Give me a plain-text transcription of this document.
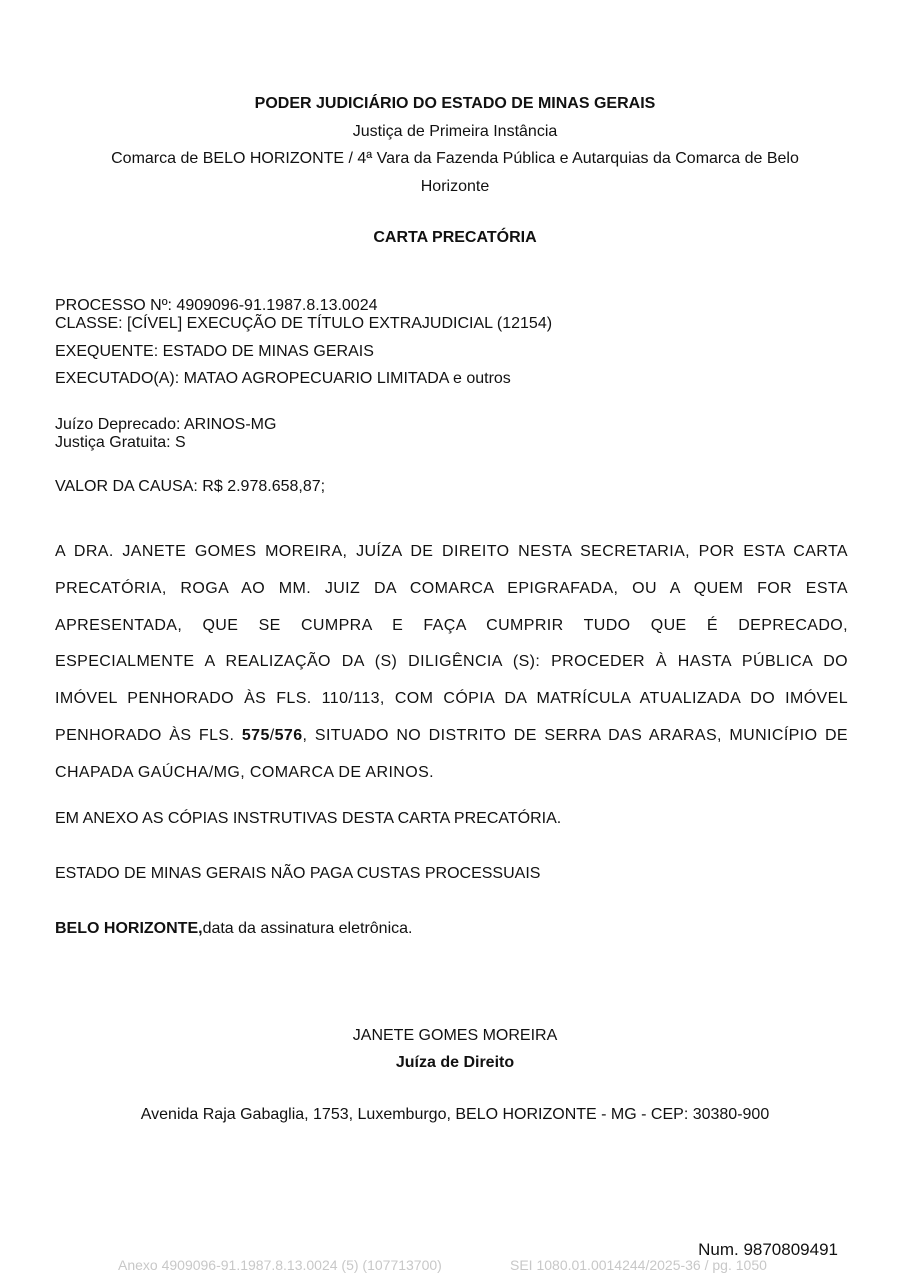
PODER JUDICIÁRIO DO ESTADO DE MINAS GERAIS
Justiça de Primeira Instância
Comarca de BELO HORIZONTE / 4ª Vara da Fazenda Pública e Autarquias da Comarca de Belo
Horizonte
CARTA PRECATÓRIA
PROCESSO Nº: 4909096-91.1987.8.13.0024
CLASSE: [CÍVEL] EXECUÇÃO DE TÍTULO EXTRAJUDICIAL (12154)
EXEQUENTE: ESTADO DE MINAS GERAIS
EXECUTADO(A): MATAO AGROPECUARIO LIMITADA e outros
Juízo Deprecado: ARINOS-MG
Justiça Gratuita: S
VALOR DA CAUSA: R$ 2.978.658,87;
A DRA. JANETE GOMES MOREIRA, JUÍZA DE DIREITO NESTA SECRETARIA, POR ESTA CARTA
PRECATÓRIA, ROGA AO MM. JUIZ DA COMARCA EPIGRAFADA, OU A QUEM FOR ESTA
APRESENTADA, QUE SE CUMPRA E FAÇA CUMPRIR TUDO QUE É DEPRECADO,
ESPECIALMENTE A REALIZAÇÃO DA (S) DILIGÊNCIA (S): PROCEDER À HASTA PÚBLICA DO
IMÓVEL PENHORADO ÀS FLS. 110/113, COM CÓPIA DA MATRÍCULA ATUALIZADA DO IMÓVEL
PENHORADO ÀS FLS. 575/576, SITUADO NO DISTRITO DE SERRA DAS ARARAS, MUNICÍPIO DE
CHAPADA GAÚCHA/MG, COMARCA DE ARINOS.
EM ANEXO AS CÓPIAS INSTRUTIVAS DESTA CARTA PRECATÓRIA.
ESTADO DE MINAS GERAIS NÃO PAGA CUSTAS PROCESSUAIS
BELO HORIZONTE,data da assinatura eletrônica.
JANETE GOMES MOREIRA
Juíza de Direito
Avenida Raja Gabaglia, 1753, Luxemburgo, BELO HORIZONTE - MG - CEP: 30380-900
Num. 9870809491
Anexo 4909096-91.1987.8.13.0024 (5) (107713700)	SEI 1080.01.0014244/2025-36 / pg. 1050
